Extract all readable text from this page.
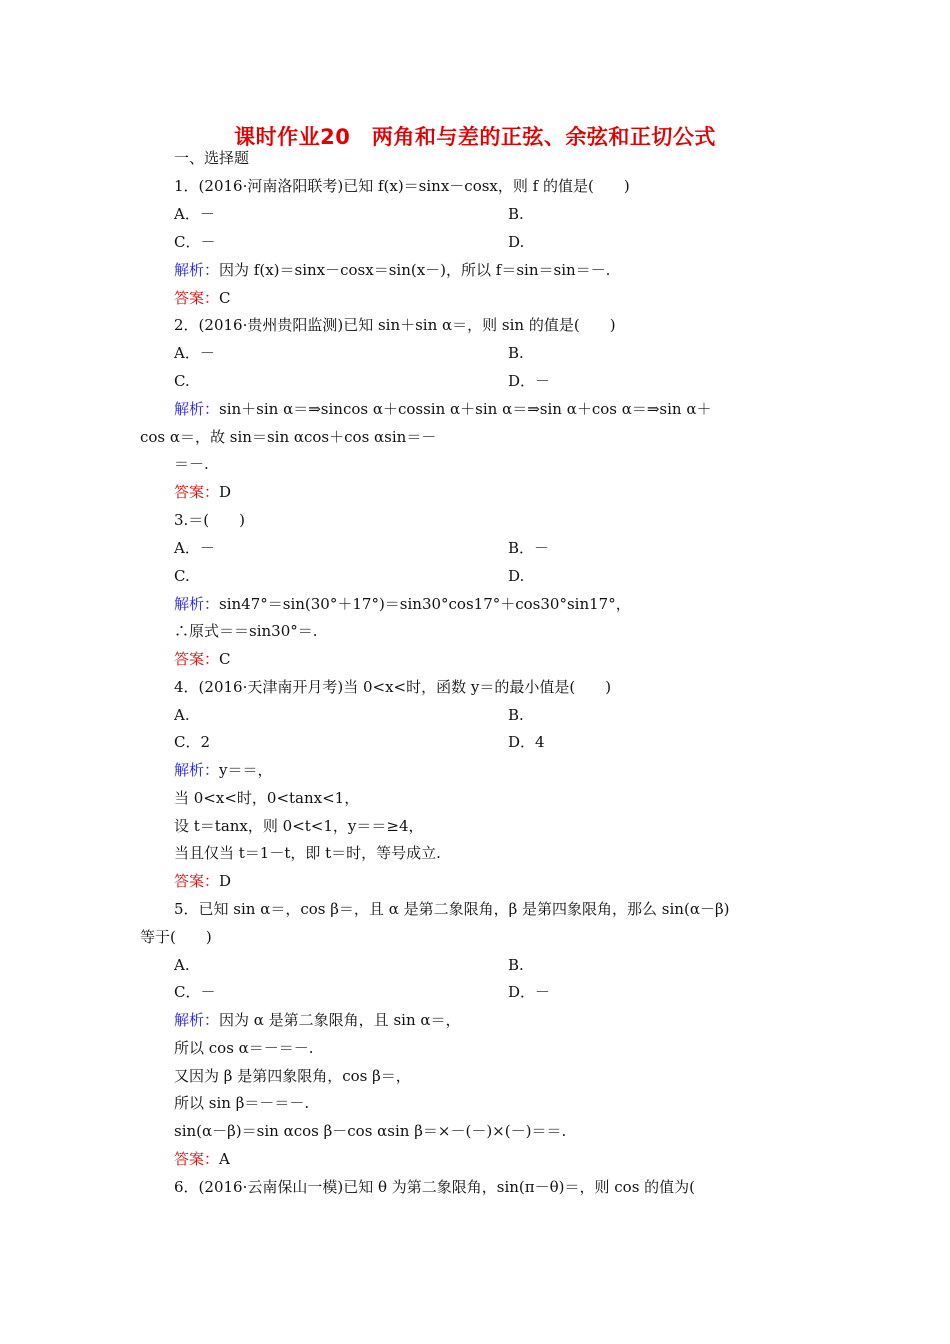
课时作业20　两角和与差的正弦、余弦和正切公式
一、选择题
1．(2016·河南洛阳联考)已知 f(x)＝sinx－cosx，则 f 的值是(　　)
A．－	B.
C．－	D.
解析：因为 f(x)＝sinx－cosx＝sin(x－)，所以 f＝sin＝sin＝－.
答案：C
2．(2016·贵州贵阳监测)已知 sin＋sin α＝，则 sin 的值是(　　)
A．－	B.
C.	D．－
解析：sin＋sin α＝⇒sincos α＋cossin α＋sin α＝⇒sin α＋cos α＝⇒sin α＋
cos α＝，故 sin＝sin αcos＋cos αsin＝－
＝－.
答案：D
3.＝(　　)
A．－	B．－
C.	D.
解析：sin47°＝sin(30°＋17°)＝sin30°cos17°＋cos30°sin17°，
∴原式＝＝sin30°＝.
答案：C
4．(2016·天津南开月考)当 0<x<时，函数 y＝的最小值是(　　)
A.	B.
C．2	D．4
解析：y＝＝，
当 0<x<时，0<tanx<1，
设 t＝tanx，则 0<t<1，y＝＝≥4，
当且仅当 t＝1－t，即 t＝时，等号成立.
答案：D
5．已知 sin α＝，cos β＝，且 α 是第二象限角，β 是第四象限角，那么 sin(α－β)
等于(　　)
A.	B.
C．－	D．－
解析：因为 α 是第二象限角，且 sin α＝，
所以 cos α＝－＝－.
又因为 β 是第四象限角，cos β＝，
所以 sin β＝－＝－.
sin(α－β)＝sin αcos β－cos αsin β＝×－(－)×(－)＝＝.
答案：A
6．(2016·云南保山一模)已知 θ 为第二象限角，sin(π－θ)＝，则 cos 的值为(
